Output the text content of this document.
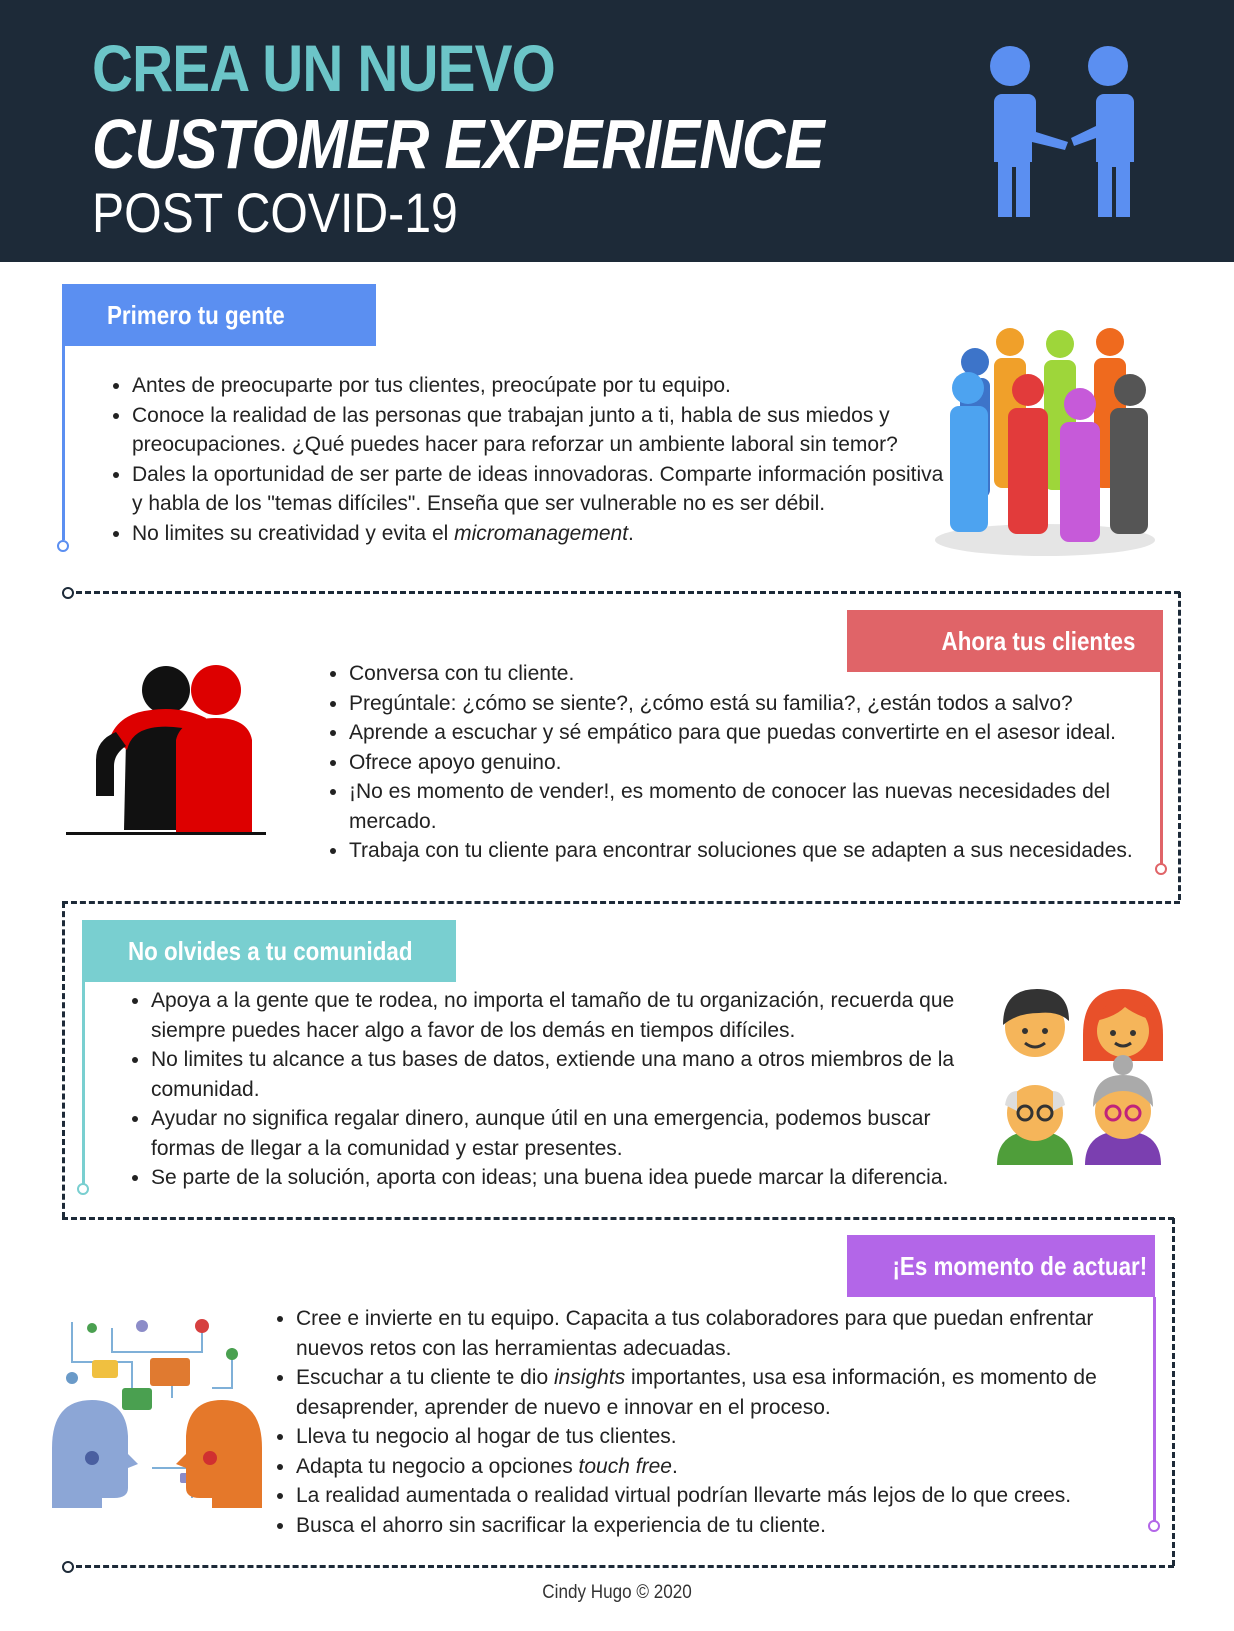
CREA UN NUEVO
CUSTOMER EXPERIENCE
POST COVID-19
Primero tu gente
• Antes de preocuparte por tus clientes, preocúpate por tu equipo.
• Conoce la realidad de las personas que trabajan junto a ti, habla de sus miedos y preocupaciones. ¿Qué puedes hacer para reforzar un ambiente laboral sin temor?
• Dales la oportunidad de ser parte de ideas innovadoras. Comparte información positiva y habla de los "temas difíciles". Enseña que ser vulnerable no es ser débil.
• No limites su creatividad y evita el micromanagement.
Ahora tus clientes
• Conversa con tu cliente.
• Pregúntale: ¿cómo se siente?, ¿cómo está su familia?, ¿están todos a salvo?
• Aprende a escuchar y sé empático para que puedas convertirte en el asesor ideal.
• Ofrece apoyo genuino.
• ¡No es momento de vender!, es momento de conocer las nuevas necesidades del mercado.
• Trabaja con tu cliente para encontrar soluciones que se adapten a sus necesidades.
No olvides a tu comunidad
• Apoya a la gente que te rodea, no importa el tamaño de tu organización, recuerda que siempre puedes hacer algo a favor de los demás en tiempos difíciles.
• No limites tu alcance a tus bases de datos, extiende una mano a otros miembros de la comunidad.
• Ayudar no significa regalar dinero, aunque útil en una emergencia, podemos buscar formas de llegar a la comunidad y estar presentes.
• Se parte de la solución, aporta con ideas; una buena idea puede marcar la diferencia.
¡Es momento de actuar!
• Cree e invierte en tu equipo. Capacita a tus colaboradores para que puedan enfrentar nuevos retos con las herramientas adecuadas.
• Escuchar a tu cliente te dio insights importantes, usa esa información, es momento de desaprender, aprender de nuevo e innovar en el proceso.
• Lleva tu negocio al hogar de tus clientes.
• Adapta tu negocio a opciones touch free.
• La realidad aumentada o realidad virtual podrían llevarte más lejos de lo que crees.
• Busca el ahorro sin sacrificar la experiencia de tu cliente.
Cindy Hugo © 2020
